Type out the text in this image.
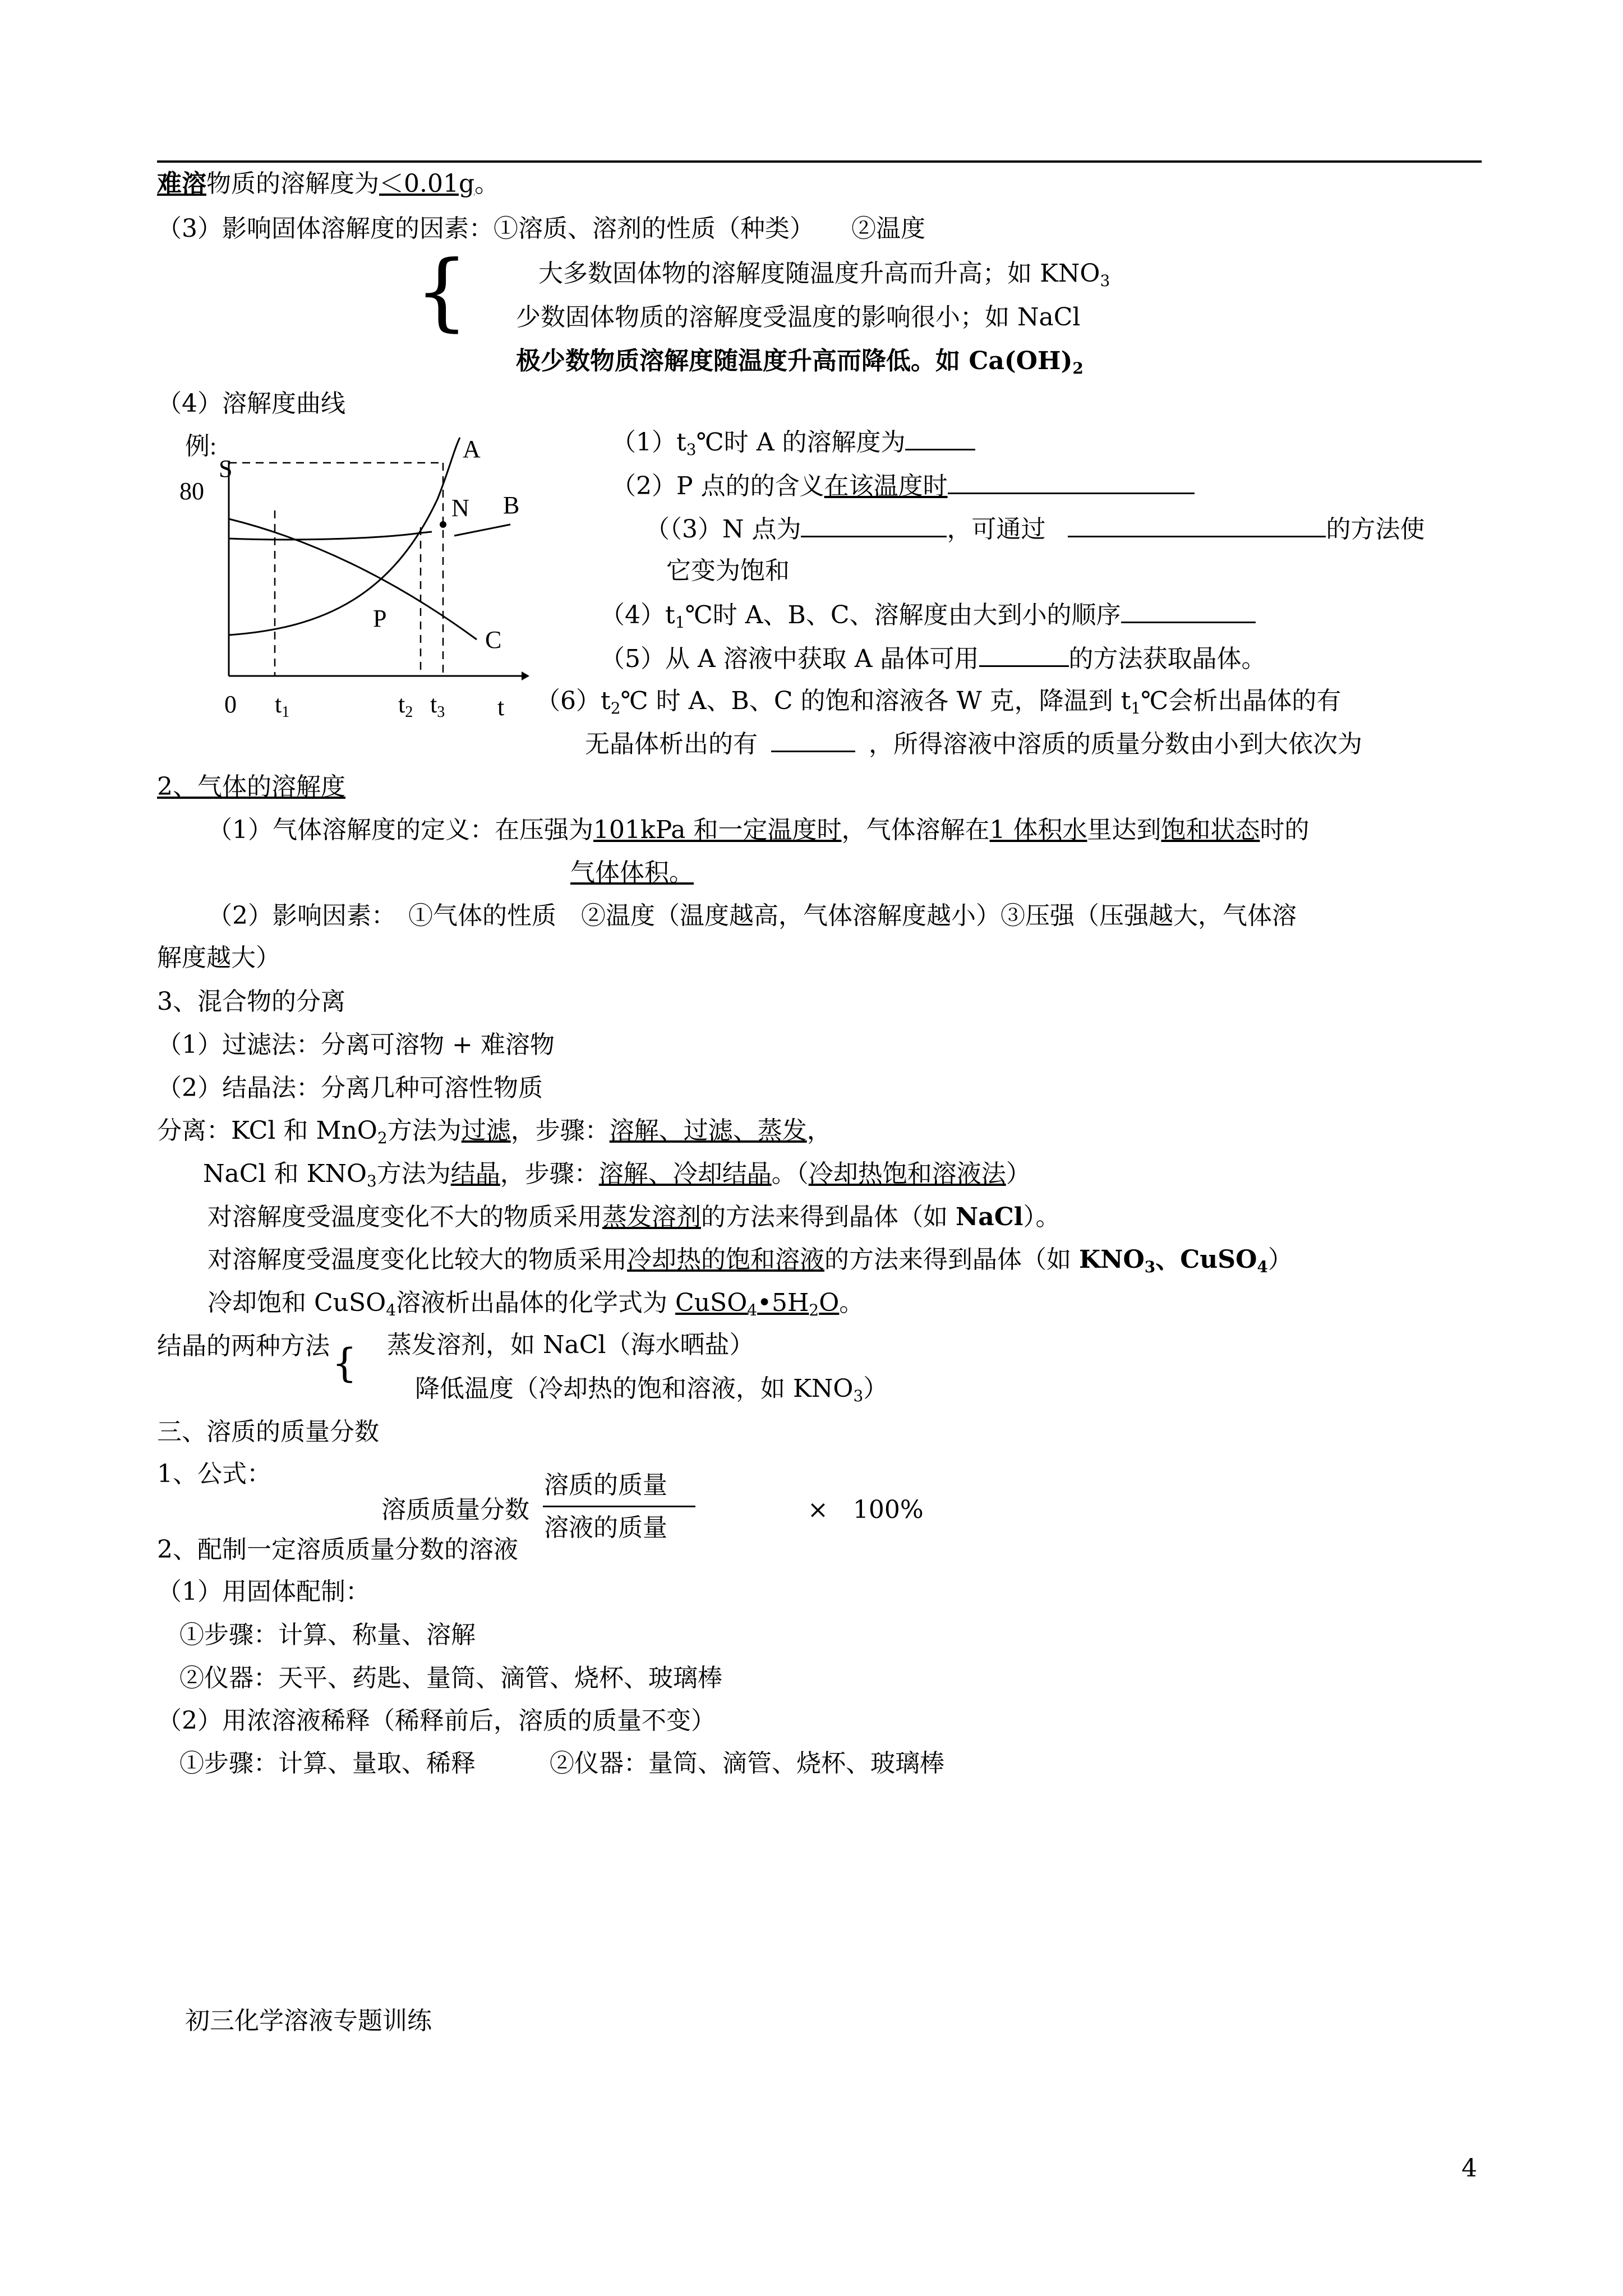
难溶物质的溶解度为＜0.01g。
（3）影响固体溶解度的因素：①溶质、溶剂的性质（种类）　　②温度
{	大多数固体物的溶解度随温度升高而升高；如 $KNO_3$
少数固体物质的溶解度受温度的影响很小；如 NaCl
极少数物质溶解度随温度升高而降低。如 $Ca(OH)_2$
（4）溶解度曲线
例:
S
80
0 t1	t2 t3 t
A
B
C
N
P
$(1)t_3℃$时 A 的溶解度为
（2）P 点的的含义在该温度时
（（3）N 点为	，可通过	的方法使
它变为饱和
$(4)t_1℃$时 A、B、C、溶解度由大到小的顺序
（5）从 A 溶液中获取 A 晶体可用	的方法获取晶体。
$(6)t_2℃$ 时 A、B、C 的饱和溶液各 W 克，降温到 $t_1℃$会析出晶体的有
无晶体析出的有	，所得溶液中溶质的质量分数由小到大依次为
2、气体的溶解度
（1）气体溶解度的定义：在压强为101kPa 和一定温度时，气体溶解在1 体积水里达到饱和状态时的
气体体积。
（2）影响因素：　①气体的性质　②温度（温度越高，气体溶解度越小）③压强（压强越大，气体溶
解度越大）
3、混合物的分离
（1）过滤法：分离可溶物 + 难溶物
（2）结晶法：分离几种可溶性物质
分离：KCl 和 MnO$_2$方法为过滤，步骤：溶解、过滤、蒸发，
NaCl 和 $KNO_3$方法为结晶，步骤：溶解、冷却结晶。（冷却热饱和溶液法）
对溶解度受温度变化不大的物质采用蒸发溶剂的方法来得到晶体（如 NaCl）。
对溶解度受温度变化比较大的物质采用冷却热的饱和溶液的方法来得到晶体（如 $KNO_3$、CuSO$_4$）
冷却饱和 CuSO$_4$溶液析出晶体的化学式为 $CuSO_4•5H_2O$。
结晶的两种方法 { 蒸发溶剂，如 NaCl（海水晒盐）
降低温度（冷却热的饱和溶液，如 $KNO_3$）
三、溶质的质量分数
1、公式：
溶质质量分数
溶质的质量
溶液的质量
×　100%
2、配制一定溶质质量分数的溶液
（1）用固体配制：
①步骤：计算、称量、溶解
②仪器：天平、药匙、量筒、滴管、烧杯、玻璃棒
（2）用浓溶液稀释（稀释前后，溶质的质量不变）
①步骤：计算、量取、稀释　　　②仪器：量筒、滴管、烧杯、玻璃棒
初三化学溶液专题训练
4
